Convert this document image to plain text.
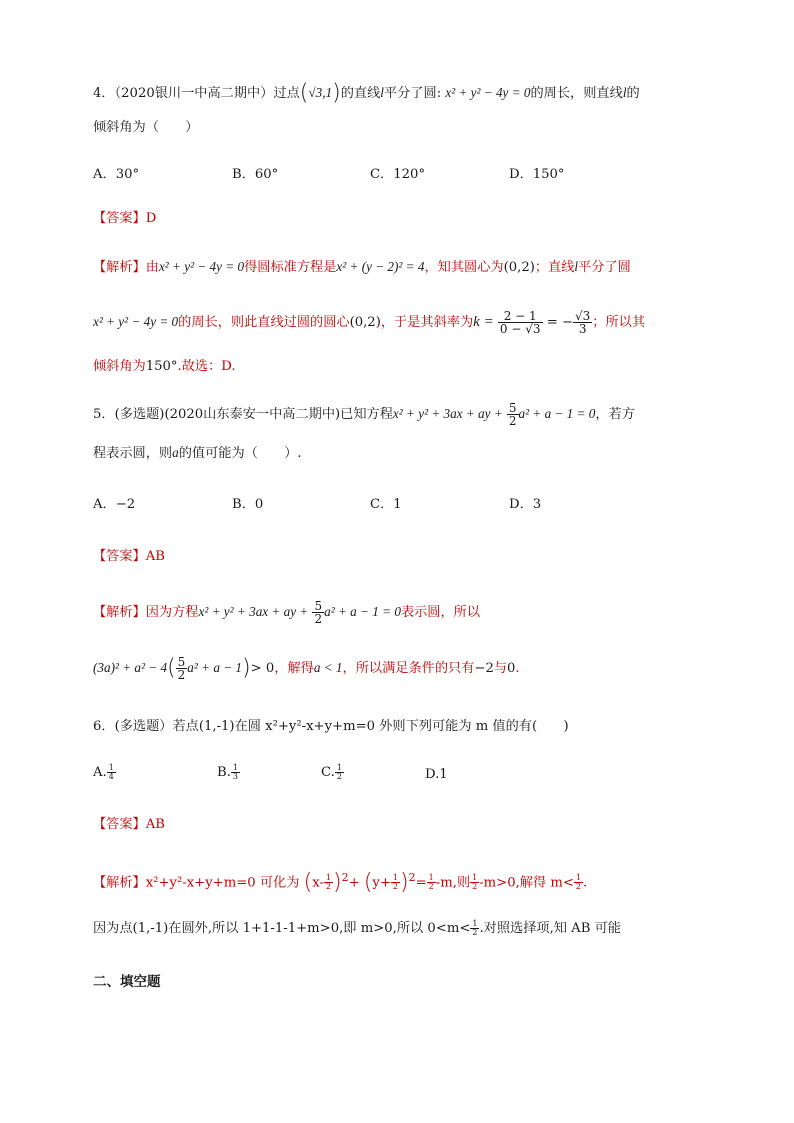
4．（2020银川一中高二期中）过点(√3,1)的直线l平分了圆: x² + y² − 4y = 0的周长，则直线l的
倾斜角为（　　）
A．30°	B．60°	C．120°	D．150°
【答案】D
【解析】由x² + y² − 4y = 0得圆标准方程是x² + (y − 2)² = 4，知其圆心为(0,2)；直线l平分了圆
x² + y² − 4y = 0的周长，则此直线过圆的圆心(0,2)，于是其斜率为$k = \frac{2 - 1}{0 - √3}$ = − $\frac{√3}{3}$ ；所以其
倾斜角为150°.故选：D.
5．(多选题)(2020山东泰安一中高二期中)已知方程x² + y² + 3ax + ay + $\frac{5}{2} a^2 + a - 1 = 0$，若方
程表示圆，则a的值可能为（　　）.
A．−2	B．0	C．1	D．3
【答案】AB
【解析】因为方程x² + y² + 3ax + ay + $\frac{5}{2} a^2 + a - 1 = 0$表示圆，所以
$(3a)^2 + a^2 - 4( \frac{5}{2} a^2 + a - 1)> 0$，解得a < 1，所以满足条件的只有−2与0.
6．(多选题）若点(1,-1)在圆 x²+y²-x+y+m=0 外则下列可能为 m 值的有(　　)
A. $\frac{1}{4}$	B. $\frac{1}{3}$	C. $\frac{1}{2}$	D.1
【答案】AB
【解析】x²+y²-x+y+m=0 可化为 $(x- \frac{1}{2} )^2+ (y+ \frac{1}{2} )^2= \frac{1}{2} -m$,则 $\frac{1}{2} -m>0$,解得 $m< \frac{1}{2}$ .
因为点(1,-1)在圆外,所以 1+1-1-1+m>0,即 m>0,所以 $0<m< \frac{1}{2}$ .对照选择项,知 AB 可能
二、填空题
